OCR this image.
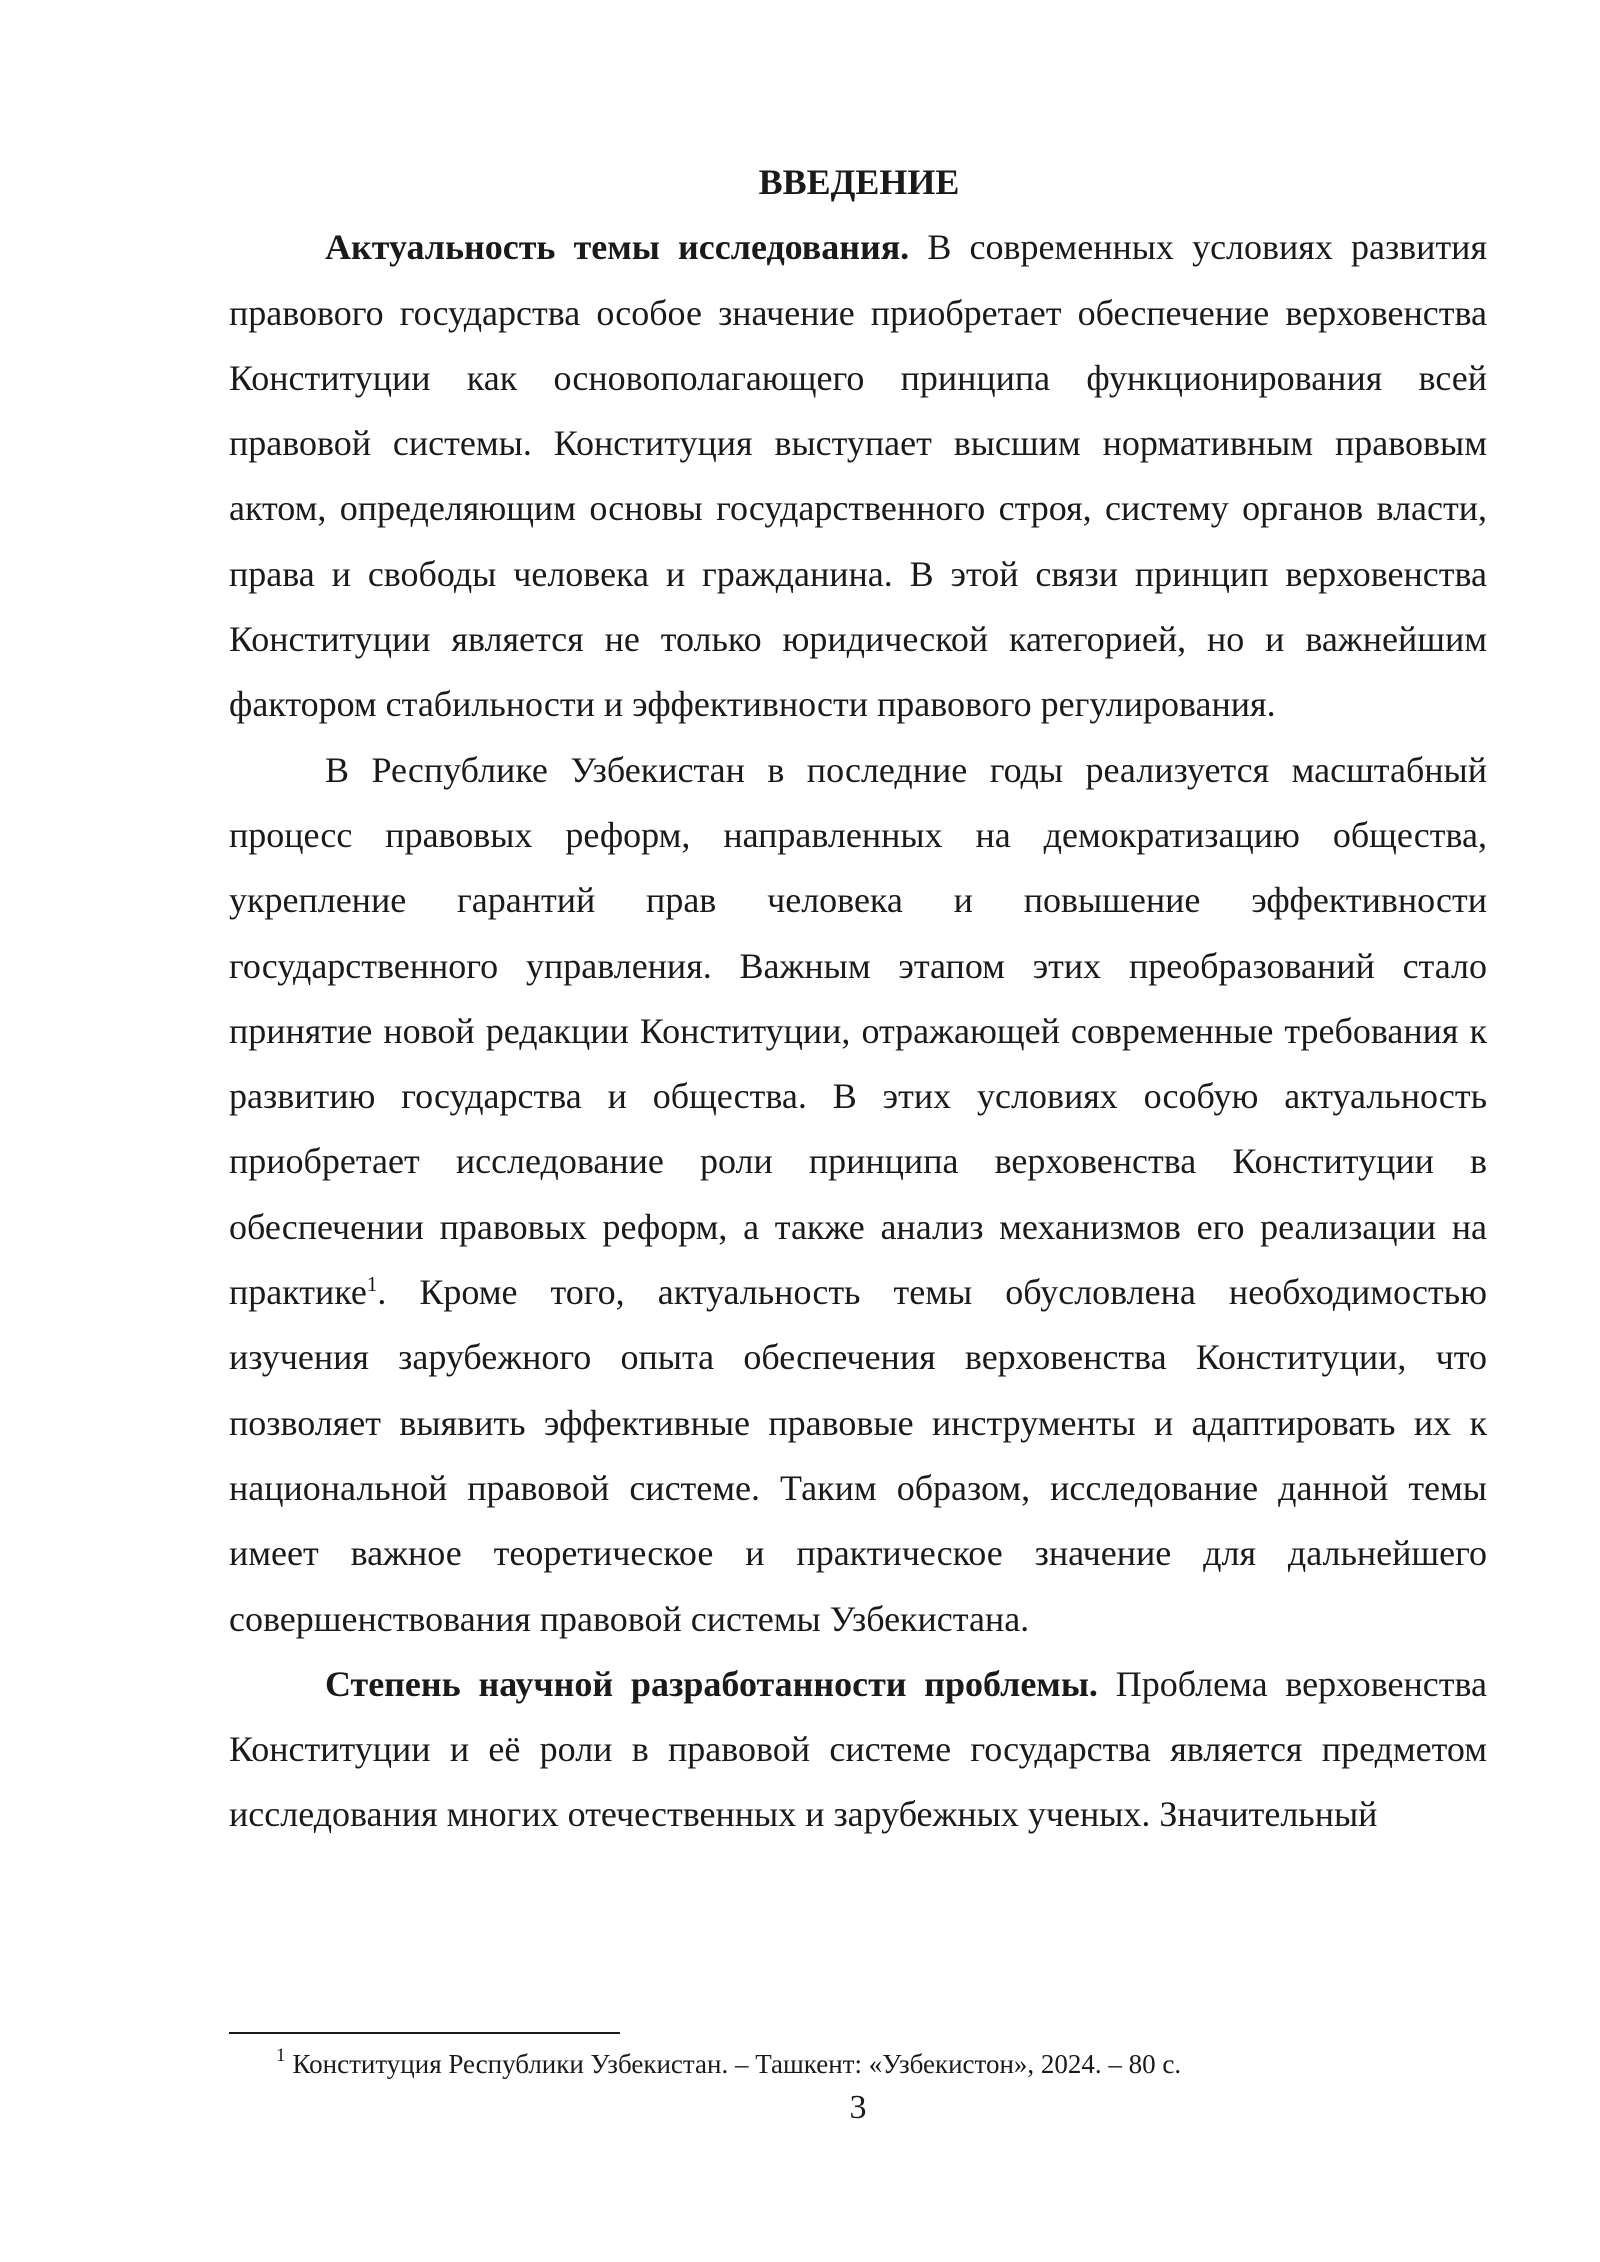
ВВЕДЕНИЕ

Актуальность темы исследования. В современных условиях развития правового государства особое значение приобретает обеспечение верховенства Конституции как основополагающего принципа функционирования всей правовой системы. Конституция выступает высшим нормативным правовым актом, определяющим основы государственного строя, систему органов власти, права и свободы человека и гражданина. В этой связи принцип верховенства Конституции является не только юридической категорией, но и важнейшим фактором стабильности и эффективности правового регулирования.

В Республике Узбекистан в последние годы реализуется масштабный процесс правовых реформ, направленных на демократизацию общества, укрепление гарантий прав человека и повышение эффективности государственного управления. Важным этапом этих преобразований стало принятие новой редакции Конституции, отражающей современные требования к развитию государства и общества. В этих условиях особую актуальность приобретает исследование роли принципа верховенства Конституции в обеспечении правовых реформ, а также анализ механизмов его реализации на практике$^1$. Кроме того, актуальность темы обусловлена необходимостью изучения зарубежного опыта обеспечения верховенства Конституции, что позволяет выявить эффективные правовые инструменты и адаптировать их к национальной правовой системе. Таким образом, исследование данной темы имеет важное теоретическое и практическое значение для дальнейшего совершенствования правовой системы Узбекистана.

Степень научной разработанности проблемы. Проблема верховенства Конституции и её роли в правовой системе государства является предметом исследования многих отечественных и зарубежных ученых. Значительный

$^1$ Конституция Республики Узбекистан. – Ташкент: «Узбекистон», 2024. – 80 с.
3
